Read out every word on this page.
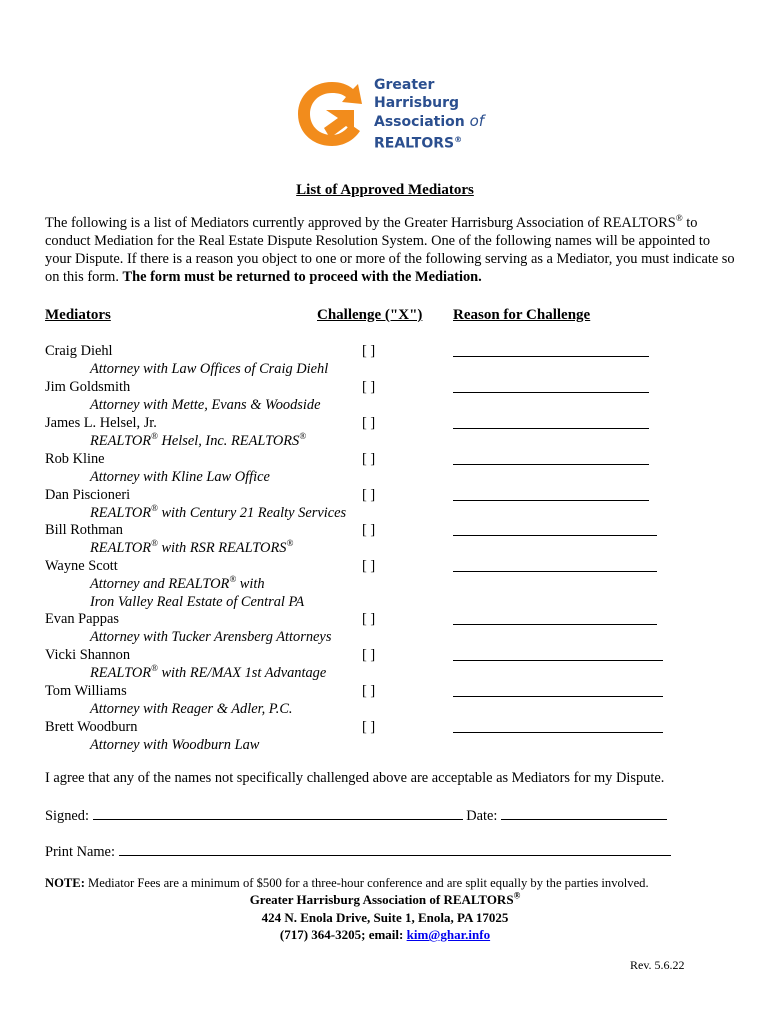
Greater
Harrisburg
Association of
REALTORS®
List of Approved Mediators
The following is a list of Mediators currently approved by the Greater Harrisburg Association of REALTORS® to conduct Mediation for the Real Estate Dispute Resolution System. One of the following names will be appointed to your Dispute. If there is a reason you object to one or more of the following serving as a Mediator, you must indicate so on this form. The form must be returned to proceed with the Mediation.
Mediators	Challenge ("X") Reason for Challenge
Craig Diehl
Attorney with Law Offices of Craig Diehl
[ ]
Jim Goldsmith
Attorney with Mette, Evans & Woodside
[ ]
James L. Helsel, Jr.
REALTOR® Helsel, Inc. REALTORS®
[ ]
Rob Kline
Attorney with Kline Law Office
[ ]
Dan Piscioneri
REALTOR® with Century 21 Realty Services
[ ]
Bill Rothman
REALTOR® with RSR REALTORS®
[ ]
Wayne Scott
Attorney and REALTOR® with
Iron Valley Real Estate of Central PA
[ ]
Evan Pappas
Attorney with Tucker Arensberg Attorneys
[ ]
Vicki Shannon
REALTOR® with RE/MAX 1st Advantage
[ ]
Tom Williams
Attorney with Reager & Adler, P.C.
[ ]
Brett Woodburn
Attorney with Woodburn Law
[ ]
I agree that any of the names not specifically challenged above are acceptable as Mediators for my Dispute.
Signed:	Date:
Print Name:
NOTE: Mediator Fees are a minimum of $500 for a three-hour conference and are split equally by the parties involved.
Greater Harrisburg Association of REALTORS®
424 N. Enola Drive, Suite 1, Enola, PA 17025
(717) 364-3205; email: kim@ghar.info
Rev. 5.6.22
